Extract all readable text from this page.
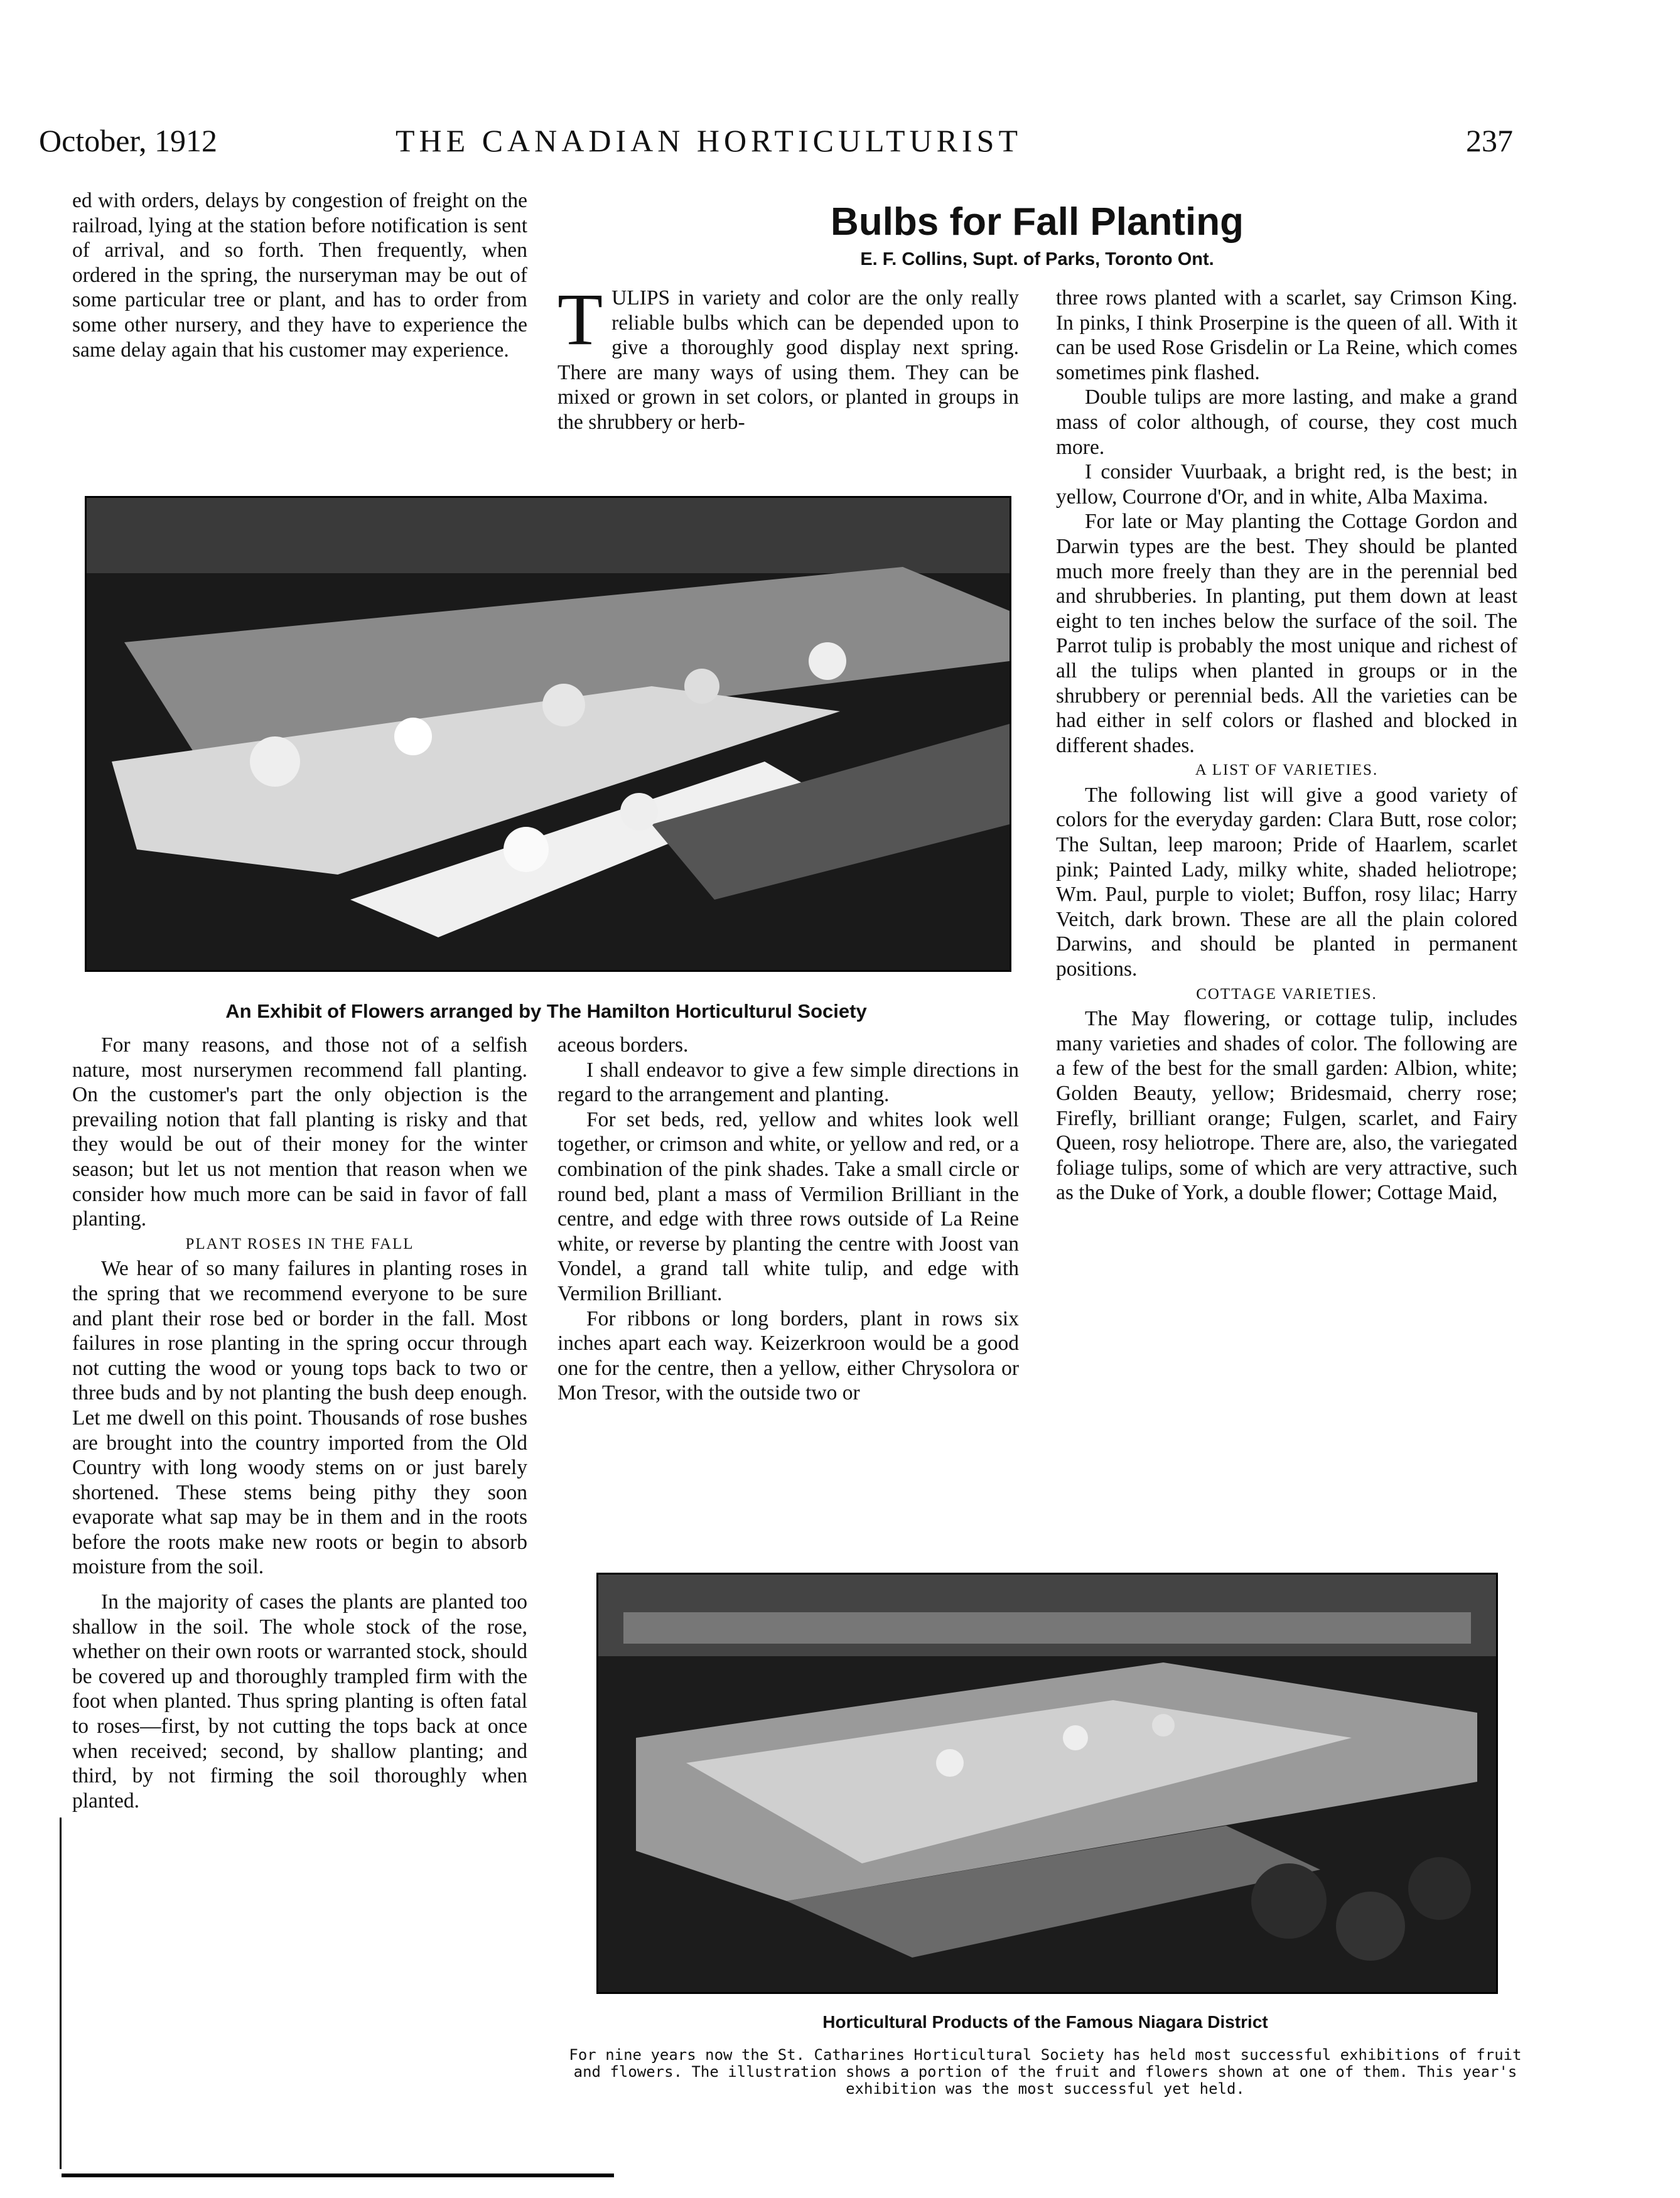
October, 1912	THE CANADIAN HORTICULTURIST	237

ed with orders, delays by congestion of freight on the railroad, lying at the station before notification is sent of arrival, and so forth. Then frequently, when ordered in the spring, the nurseryman may be out of some particular tree or plant, and has to order from some other nursery, and they have to experience the same delay again that his customer may experience.

Bulbs for Fall Planting
E. F. Collins, Supt. of Parks, Toronto Ont.

TULIPS in variety and color are the only really reliable bulbs which can be depended upon to give a thoroughly good display next spring. There are many ways of using them. They can be mixed or grown in set colors, or planted in groups in the shrubbery or herb-

three rows planted with a scarlet, say Crimson King. In pinks, I think Proserpine is the queen of all. With it can be used Rose Grisdelin or La Reine, which comes sometimes pink flashed.

Double tulips are more lasting, and make a grand mass of color although, of course, they cost much more.

I consider Vuurbaak, a bright red, is the best; in yellow, Courrone d'Or, and in white, Alba Maxima.

For late or May planting the Cottage Gordon and Darwin types are the best. They should be planted much more freely than they are in the perennial bed and shrubberies. In planting, put them down at least eight to ten inches below the surface of the soil. The Parrot tulip is probably the most unique and richest of all the tulips when planted in groups or in the shrubbery or perennial beds. All the varieties can be had either in self colors or flashed and blocked in different shades.

A LIST OF VARIETIES.

The following list will give a good variety of colors for the everyday garden: Clara Butt, rose color; The Sultan, leep maroon; Pride of Haarlem, scarlet pink; Painted Lady, milky white, shaded heliotrope; Wm. Paul, purple to violet; Buffon, rosy lilac; Harry Veitch, dark brown. These are all the plain colored Darwins, and should be planted in permanent positions.

COTTAGE VARIETIES.

The May flowering, or cottage tulip, includes many varieties and shades of color. The following are a few of the best for the small garden: Albion, white; Golden Beauty, yellow; Bridesmaid, cherry rose; Firefly, brilliant orange; Fulgen, scarlet, and Fairy Queen, rosy heliotrope. There are, also, the variegated foliage tulips, some of which are very attractive, such as the Duke of York, a double flower; Cottage Maid,

An Exhibit of Flowers arranged by The Hamilton Horticulturul Society

For many reasons, and those not of a selfish nature, most nurserymen recommend fall planting. On the customer's part the only objection is the prevailing notion that fall planting is risky and that they would be out of their money for the winter season; but let us not mention that reason when we consider how much more can be said in favor of fall planting.

PLANT ROSES IN THE FALL

We hear of so many failures in planting roses in the spring that we recommend everyone to be sure and plant their rose bed or border in the fall. Most failures in rose planting in the spring occur through not cutting the wood or young tops back to two or three buds and by not planting the bush deep enough. Let me dwell on this point. Thousands of rose bushes are brought into the country imported from the Old Country with long woody stems on or just barely shortened. These stems being pithy they soon evaporate what sap may be in them and in the roots before the roots make new roots or begin to absorb moisture from the soil.

In the majority of cases the plants are planted too shallow in the soil. The whole stock of the rose, whether on their own roots or warranted stock, should be covered up and thoroughly trampled firm with the foot when planted. Thus spring planting is often fatal to roses—first, by not cutting the tops back at once when received; second, by shallow planting; and third, by not firming the soil thoroughly when planted.

aceous borders.

I shall endeavor to give a few simple directions in regard to the arrangement and planting.

For set beds, red, yellow and whites look well together, or crimson and white, or yellow and red, or a combination of the pink shades. Take a small circle or round bed, plant a mass of Vermilion Brilliant in the centre, and edge with three rows outside of La Reine white, or reverse by planting the centre with Joost van Vondel, a grand tall white tulip, and edge with Vermilion Brilliant.

For ribbons or long borders, plant in rows six inches apart each way. Keizerkroon would be a good one for the centre, then a yellow, either Chrysolora or Mon Tresor, with the outside two or

Horticultural Products of the Famous Niagara District
For nine years now the St. Catharines Horticultural Society has held most successful exhibitions of fruit and flowers. The illustration shows a portion of the fruit and flowers shown at one of them. This year's exhibition was the most successful yet held.
